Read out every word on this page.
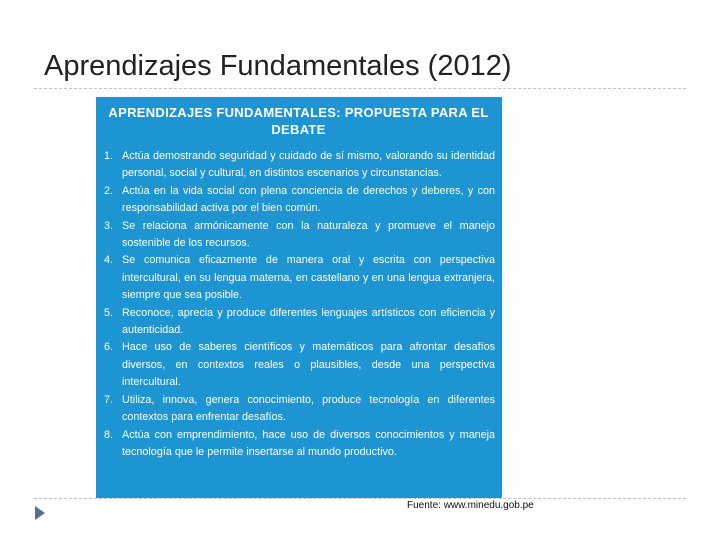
Aprendizajes Fundamentales (2012)
APRENDIZAJES FUNDAMENTALES: PROPUESTA PARA EL DEBATE
1. Actúa demostrando seguridad y cuidado de sí mismo, valorando su identidad personal, social y cultural, en distintos escenarios y circunstancias.
2. Actúa en la vida social con plena conciencia de derechos y deberes, y con responsabilidad activa por el bien común.
3. Se relaciona armónicamente con la naturaleza y promueve el manejo sostenible de los recursos.
4. Se comunica eficazmente de manera oral y escrita con perspectiva intercultural, en su lengua materna, en castellano y en una lengua extranjera, siempre que sea posible.
5. Reconoce, aprecia y produce diferentes lenguajes artísticos con eficiencia y autenticidad.
6. Hace uso de saberes científicos y matemáticos para afrontar desafíos diversos, en contextos reales o plausibles, desde una perspectiva intercultural.
7. Utiliza, innova, genera conocimiento, produce tecnología en diferentes contextos para enfrentar desafíos.
8. Actúa con emprendimiento, hace uso de diversos conocimientos y maneja tecnología que le permite insertarse al mundo productivo.
Fuente: www.minedu.gob.pe
